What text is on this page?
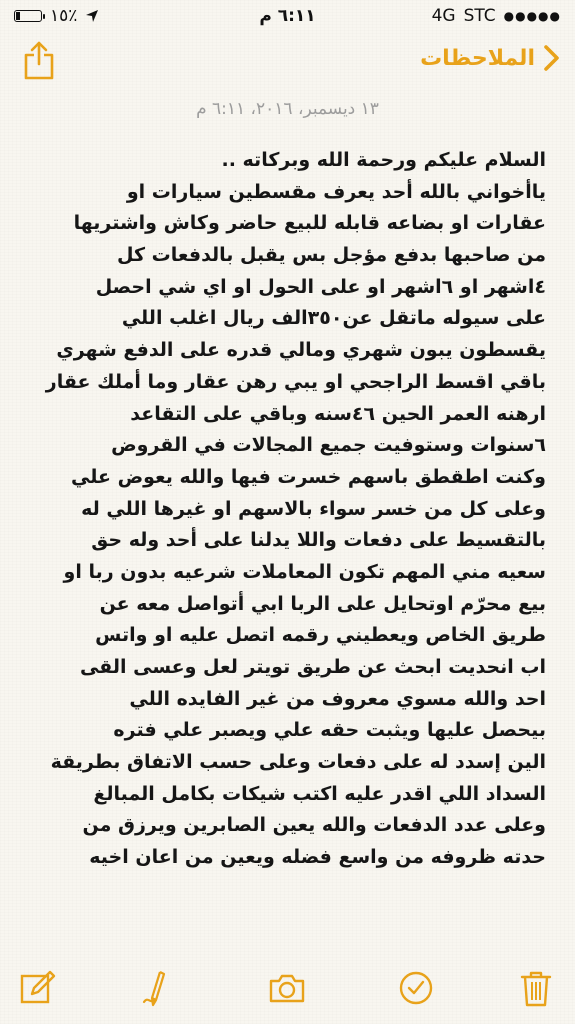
١٥٪	٦:١١ م	4G STC ●●●●●
الملاحظات
١٣ ديسمبر، ٢٠١٦، ٦:١١ م
السلام عليكم ورحمة الله وبركاته ..
ياأخواني بالله أحد يعرف مقسطين سيارات او
عقارات او بضاعه قابله للبيع حاضر وكاش واشتريها
من صاحبها بدفع مؤجل بس يقبل بالدفعات كل
٤اشهر او ٦اشهر او على الحول او اي شي احصل
على سيوله ماتقل عن٣٥٠الف ريال اغلب اللي
يقسطون يبون شهري ومالي قدره على الدفع شهري
باقي اقسط الراجحي او يبي رهن عقار وما أملك عقار
ارهنه العمر الحين ٤٦سنه وباقي على التقاعد
٦سنوات وستوفيت جميع المجالات في القروض
وكنت اطقطق باسهم خسرت فيها والله يعوض علي
وعلى كل من خسر سواء بالاسهم او غيرها اللي له
بالتقسيط على دفعات واللا يدلنا على أحد وله حق
سعيه مني المهم تكون المعاملات شرعيه بدون ربا او
بيع محرّم اوتحايل على الربا ابي أتواصل معه عن
طريق الخاص ويعطيني رقمه اتصل عليه او واتس
اب انحديت ابحث عن طريق تويتر لعل وعسى القى
احد والله مسوي معروف من غير الفايده اللي
بيحصل عليها ويثبت حقه علي ويصبر علي فتره
الين إسدد له على دفعات وعلى حسب الاتفاق بطريقة
السداد اللي اقدر عليه اكتب شيكات بكامل المبالغ
وعلى عدد الدفعات والله يعين الصابرين ويرزق من
حدته ظروفه من واسع فضله ويعين من اعان اخيه
